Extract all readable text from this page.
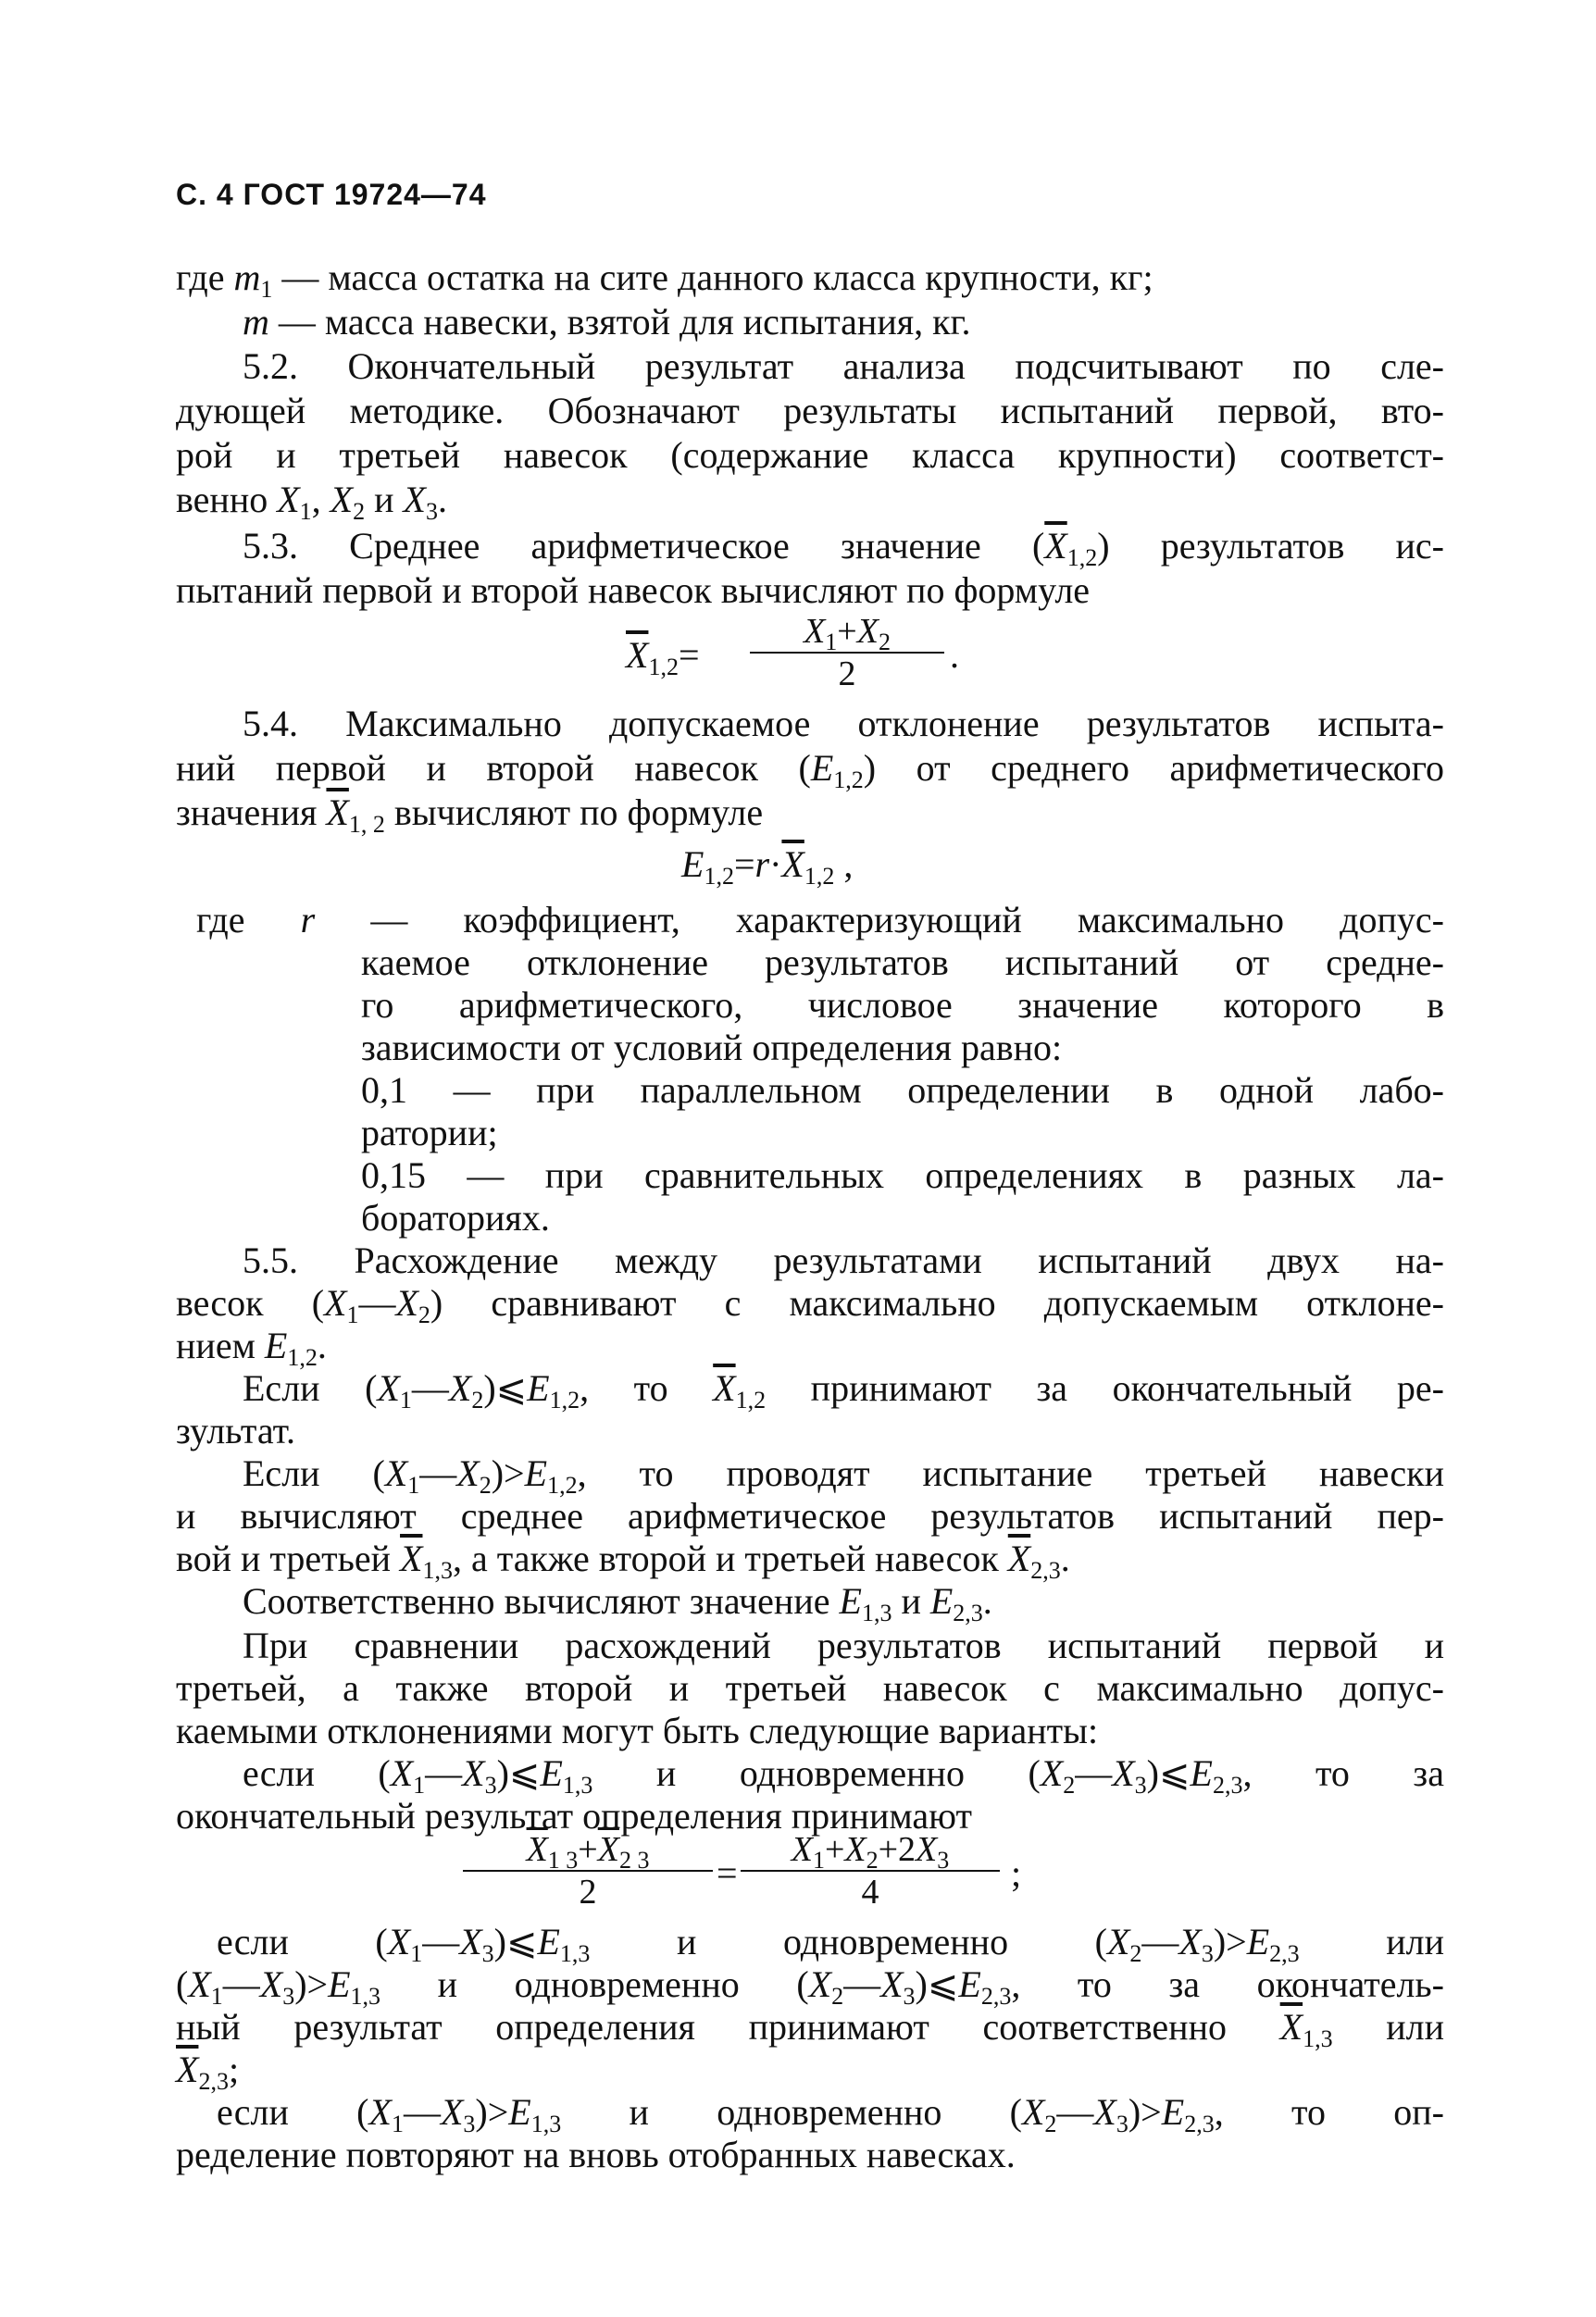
С. 4 ГОСТ 19724—74
где $m_1$ — масса остатка на сите данного класса крупности, кг;
m — масса навески, взятой для испытания, кг.
5.2. Окончательный результат анализа подсчитывают по сле-
дующей методике. Обозначают результаты испытаний первой, вто-
рой и третьей навесок (содержание класса крупности) соответст-
венно $X_1$, $X_2$ и $X_3$.
5.3. Среднее арифметическое значение $(\overline{X}_{1,2})$ результатов ис-
пытаний первой и второй навесок вычисляют по формуле
$\overline{X}_{1,2}= \frac{X_1+X_2}{2}$ .
5.4. Максимально допускаемое отклонение результатов испыта-
ний первой и второй навесок $(E_{1,2})$ от среднего арифметического
значения $\overline{X}_{1, 2}$ вычисляют по формуле
$E_{1,2}=r\cdot\overline{X}_{1,2}$ ,
где r — коэффициент, характеризующий максимально допус-
каемое отклонение результатов испытаний от средне-
го арифметического, числовое значение которого в
зависимости от условий определения равно:
0,1 — при параллельном определении в одной лабо-
ратории;
0,15 — при сравнительных определениях в разных ла-
бораториях.
5.5. Расхождение между результатами испытаний двух на-
весок $(X_1—X_2)$ сравнивают с максимально допускаемым отклоне-
нием $E_{1,2}$.
Если $(X_1—X_2)⩽E_{1,2}$, то $\overline{X}_{1,2}$ принимают за окончательный ре-
зультат.
Если $(X_1—X_2)>E_{1,2}$, то проводят испытание третьей навески
и вычисляют среднее арифметическое результатов испытаний пер-
вой и третьей $\overline{X}_{1,3}$, а также второй и третьей навесок $\overline{X}_{2,3}$.
Соответственно вычисляют значение $E_{1,3}$ и $E_{2,3}$.
При сравнении расхождений результатов испытаний первой и
третьей, а также второй и третьей навесок с максимально допус-
каемыми отклонениями могут быть следующие варианты:
если $(X_1—X_3)⩽E_{1,3}$ и одновременно $(X_2—X_3)⩽E_{2,3}$, то за
окончательный результат определения принимают
$\frac{\overline{X}_{1 3}+\overline{X}_{2 3}}{2} = \frac{X_1+X_2+2X_3}{4}$ ;
если $(X_1—X_3)⩽E_{1,3}$ и одновременно $(X_2—X_3)>E_{2,3}$ или
$(X_1—X_3)>E_{1,3}$ и одновременно $(X_2—X_3)⩽E_{2,3}$, то за окончатель-
ный результат определения принимают соответственно $\overline{X}_{1,3}$ или
$\overline{X}_{2,3}$;
если $(X_1—X_3)>E_{1,3}$ и одновременно $(X_2—X_3)>E_{2,3}$, то оп-
ределение повторяют на вновь отобранных навесках.
